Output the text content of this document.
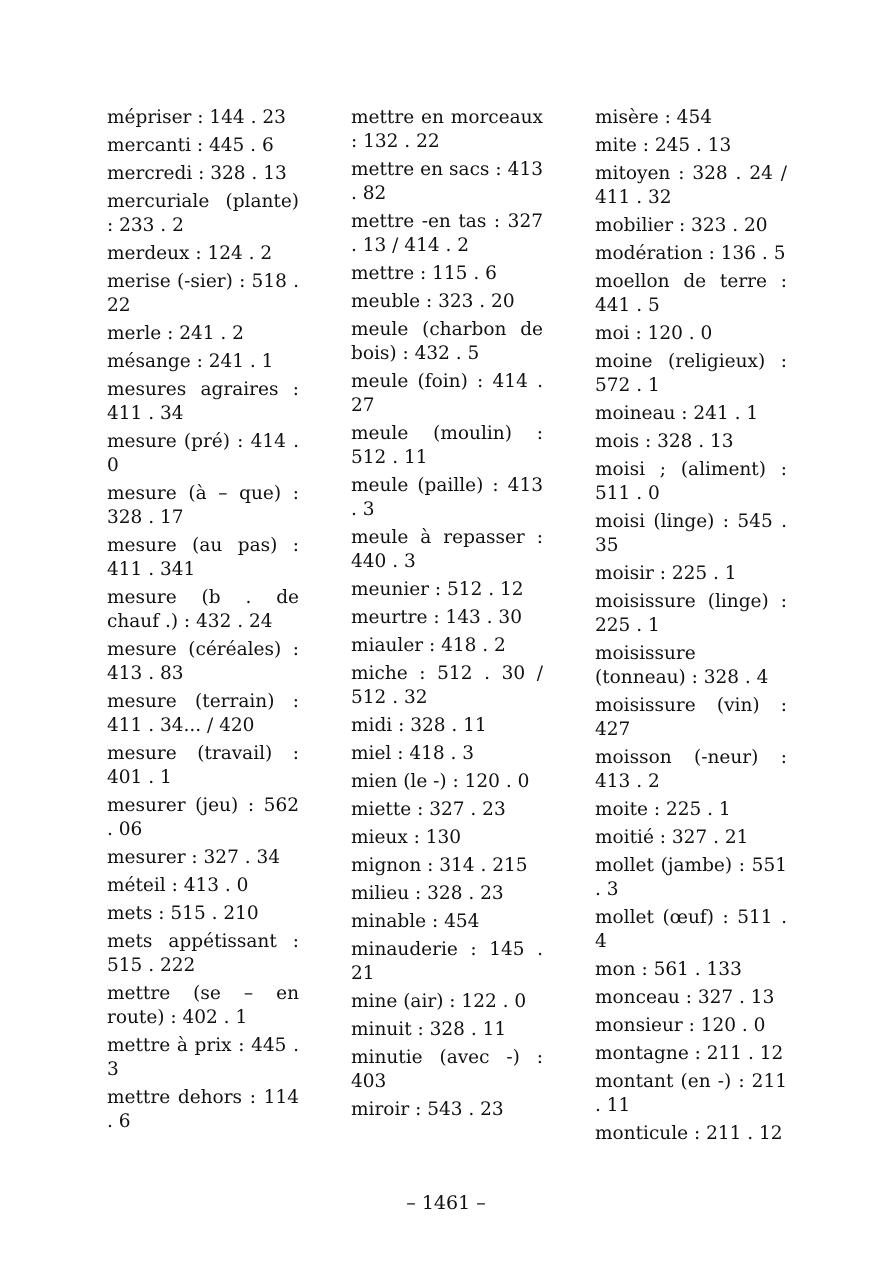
mépriser : 144 . 23
mercanti : 445 . 6
mercredi : 328 . 13
mercuriale (plante) : 233 . 2
merdeux : 124 . 2
merise (-sier) : 518 . 22
merle : 241 . 2
mésange : 241 . 1
mesures agraires : 411 . 34
mesure (pré) : 414 . 0
mesure (à – que) : 328 . 17
mesure (au pas) : 411 . 341
mesure (b . de chauf .) : 432 . 24
mesure (céréales) : 413 . 83
mesure (terrain) : 411 . 34... / 420
mesure (travail) : 401 . 1
mesurer (jeu) : 562 . 06
mesurer : 327 . 34
méteil : 413 . 0
mets : 515 . 210
mets appétissant : 515 . 222
mettre (se – en route) : 402 . 1
mettre à prix : 445 . 3
mettre dehors : 114 . 6
mettre en morceaux : 132 . 22
mettre en sacs : 413 . 82
mettre -en tas : 327 . 13 / 414 . 2
mettre : 115 . 6
meuble : 323 . 20
meule (charbon de bois) : 432 . 5
meule (foin) : 414 . 27
meule (moulin) : 512 . 11
meule (paille) : 413 . 3
meule à repasser : 440 . 3
meunier : 512 . 12
meurtre : 143 . 30
miauler : 418 . 2
miche : 512 . 30 / 512 . 32
midi : 328 . 11
miel : 418 . 3
mien (le -) : 120 . 0
miette : 327 . 23
mieux : 130
mignon : 314 . 215
milieu : 328 . 23
minable : 454
minauderie : 145 . 21
mine (air) : 122 . 0
minuit : 328 . 11
minutie (avec -) : 403
miroir : 543 . 23
misère : 454
mite : 245 . 13
mitoyen : 328 . 24 / 411 . 32
mobilier : 323 . 20
modération : 136 . 5
moellon de terre : 441 . 5
moi : 120 . 0
moine (religieux) : 572 . 1
moineau : 241 . 1
mois : 328 . 13
moisi ; (aliment) : 511 . 0
moisi (linge) : 545 . 35
moisir : 225 . 1
moisissure (linge) : 225 . 1
moisissure (tonneau) : 328 . 4
moisissure (vin) : 427
moisson (-neur) : 413 . 2
moite : 225 . 1
moitié : 327 . 21
mollet (jambe) : 551 . 3
mollet (œuf) : 511 . 4
mon : 561 . 133
monceau : 327 . 13
monsieur : 120 . 0
montagne : 211 . 12
montant (en -) : 211 . 11
monticule : 211 . 12
– 1461 –
